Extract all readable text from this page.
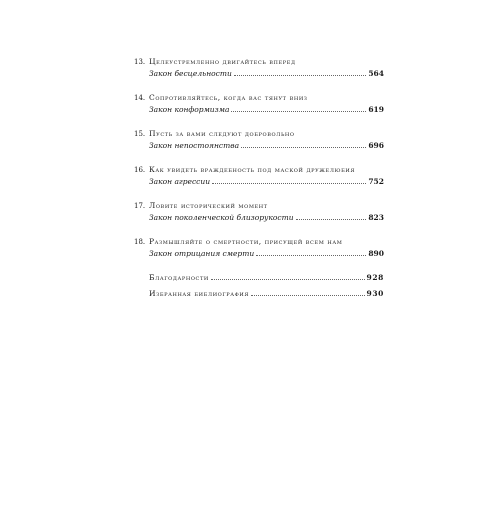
13. Целеустремленно двигайтесь вперед
Закон бесцельности	564
14. Сопротивляйтесь, когда вас тянут вниз
Закон конформизма	619
15. Пусть за вами следуют добровольно
Закон непостоянства	696
16. Как увидеть враждебность под маской дружелюбия
Закон агрессии	752
17. Ловите исторический момент
Закон поколенческой близорукости	823
18. Размышляйте о смертности, присущей всем нам
Закон отрицания смерти	890
Благодарности	928
Избранная библиография	930
